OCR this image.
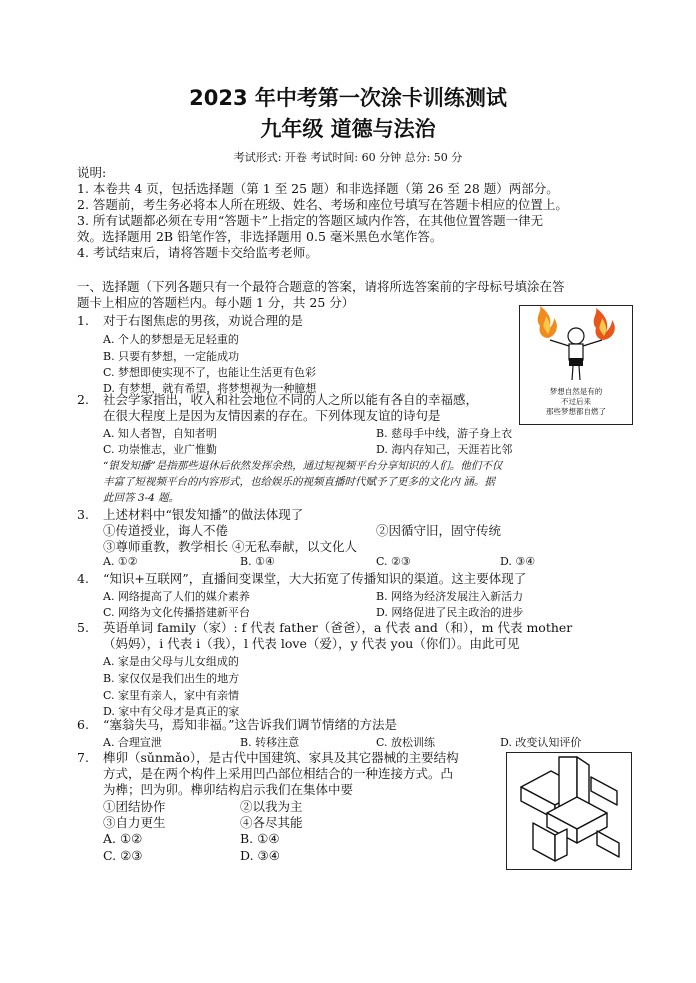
2023 年中考第一次涂卡训练测试
九年级 道德与法治
考试形式: 开卷 考试时间: 60 分钟 总分: 50 分
说明:
1. 本卷共 4 页，包括选择题（第 1 至 25 题）和非选择题（第 26 至 28 题）两部分。
2. 答题前，考生务必将本人所在班级、姓名、考场和座位号填写在答题卡相应的位置上。
3. 所有试题都必须在专用“答题卡”上指定的答题区域内作答，在其他位置答题一律无
效。选择题用 2B 铅笔作答，非选择题用 0.5 毫米黑色水笔作答。
4. 考试结束后，请将答题卡交给监考老师。
一、选择题（下列各题只有一个最符合题意的答案，请将所选答案前的字母标号填涂在答
题卡上相应的答题栏内。每小题 1 分，共 25 分）
1. 对于右图焦虑的男孩，劝说合理的是
A. 个人的梦想是无足轻重的
B. 只要有梦想，一定能成功
C. 梦想即使实现不了，也能让生活更有色彩
D. 有梦想，就有希望，将梦想视为一种臆想	梦想自然是有的
不过后来
那些梦想都自燃了
2. 社会学家指出，收入和社会地位不同的人之所以能有各自的幸福感，
在很大程度上是因为友情因素的存在。下列体现友谊的诗句是
A. 知人者智，自知者明	B. 慈母手中线，游子身上衣
C. 功崇惟志，业广惟勤	D. 海内存知己，天涯若比邻
“银发知播”是指那些退休后依然发挥余热，通过短视频平台分享知识的人们。他们不仅
丰富了短视频平台的内容形式，也给娱乐的视频直播时代赋予了更多的文化内 涵。据
此回答 3-4 题。
3. 上述材料中“银发知播”的做法体现了
①传道授业，诲人不倦	②因循守旧，固守传统
③尊师重教，教学相长 ④无私奉献，以文化人
A. ①②	B. ①④	C. ②③	D. ③④
4. “知识+互联网”，直播间变课堂，大大拓宽了传播知识的渠道。这主要体现了
A. 网络提高了人们的媒介素养	B. 网络为经济发展注入新活力
C. 网络为文化传播搭建新平台	D. 网络促进了民主政治的进步
5. 英语单词 family（家）: f 代表 father（爸爸），a 代表 and（和），m 代表 mother
（妈妈），i 代表 i（我），l 代表 love（爱），y 代表 you（你们）。由此可见
A. 家是由父母与儿女组成的
B. 家仅仅是我们出生的地方
C. 家里有亲人，家中有亲情
D. 家中有父母才是真正的家
6. “塞翁失马，焉知非福。”这告诉我们调节情绪的方法是
A. 合理宣泄	B. 转移注意	C. 放松训练	D. 改变认知评价
7. 榫卯（sǔnmǎo），是古代中国建筑、家具及其它器械的主要结构
方式，是在两个构件上采用凹凸部位相结合的一种连接方式。凸
为榫；凹为卯。榫卯结构启示我们在集体中要
①团结协作	②以我为主
③自力更生	④各尽其能
A. ①②	B. ①④
C. ②③	D. ③④
